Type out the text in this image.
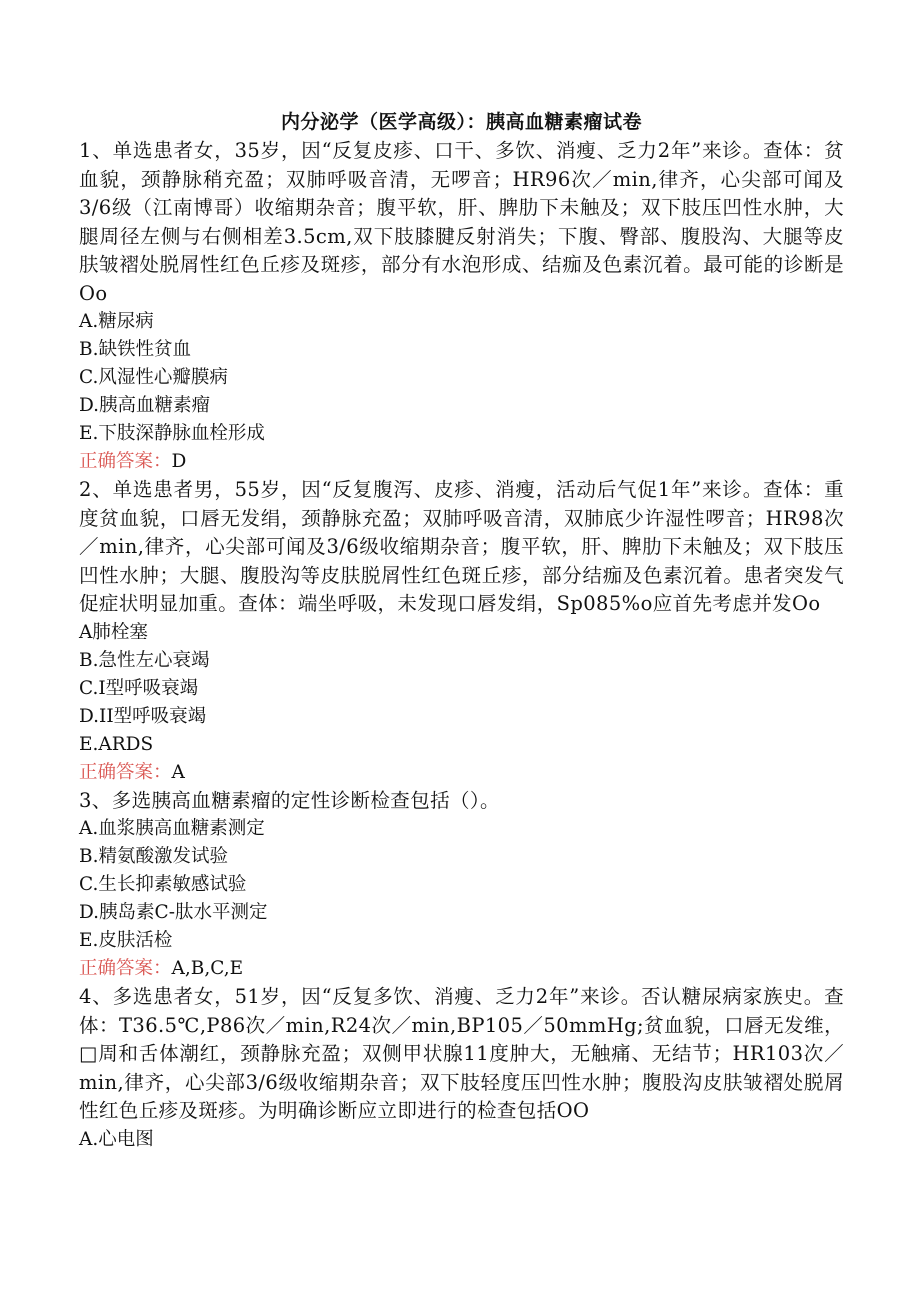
内分泌学（医学高级）：胰高血糖素瘤试卷

1、单选患者女，35岁，因“反复皮疹、口干、多饮、消瘦、乏力2年”来诊。查体：贫血貌，颈静脉稍充盈；双肺呼吸音清，无啰音；HR96次／min,律齐，心尖部可闻及3/6级（江南博哥）收缩期杂音；腹平软，肝、脾肋下未触及；双下肢压凹性水肿，大腿周径左侧与右侧相差3.5cm,双下肢膝腱反射消失；下腹、臀部、腹股沟、大腿等皮肤皱褶处脱屑性红色丘疹及斑疹，部分有水泡形成、结痂及色素沉着。最可能的诊断是Oo

A.糖尿病
B.缺铁性贫血
C.风湿性心瓣膜病
D.胰高血糖素瘤
E.下肢深静脉血栓形成
正确答案：D

2、单选患者男，55岁，因“反复腹泻、皮疹、消瘦，活动后气促1年”来诊。查体：重度贫血貌，口唇无发绢，颈静脉充盈；双肺呼吸音清，双肺底少许湿性啰音；HR98次／min,律齐，心尖部可闻及3/6级收缩期杂音；腹平软，肝、脾肋下未触及；双下肢压凹性水肿；大腿、腹股沟等皮肤脱屑性红色斑丘疹，部分结痂及色素沉着。患者突发气促症状明显加重。查体：端坐呼吸，未发现口唇发绢，Sp085%o应首先考虑并发Oo

A肺栓塞
B.急性左心衰竭
C.I型呼吸衰竭
D.II型呼吸衰竭
E.ARDS
正确答案：A

3、多选胰高血糖素瘤的定性诊断检查包括（）。

A.血浆胰高血糖素测定
B.精氨酸激发试验
C.生长抑素敏感试验
D.胰岛素C-肽水平测定
E.皮肤活检
正确答案：A,B,C,E

4、多选患者女，51岁，因“反复多饮、消瘦、乏力2年”来诊。否认糖尿病家族史。查体：T36.5℃,P86次／min,R24次／min,BP105／50mmHg;贫血貌，口唇无发维，□周和舌体潮红，颈静脉充盈；双侧甲状腺11度肿大，无触痛、无结节；HR103次／min,律齐，心尖部3/6级收缩期杂音；双下肢轻度压凹性水肿；腹股沟皮肤皱褶处脱屑性红色丘疹及斑疹。为明确诊断应立即进行的检查包括OO

A.心电图
